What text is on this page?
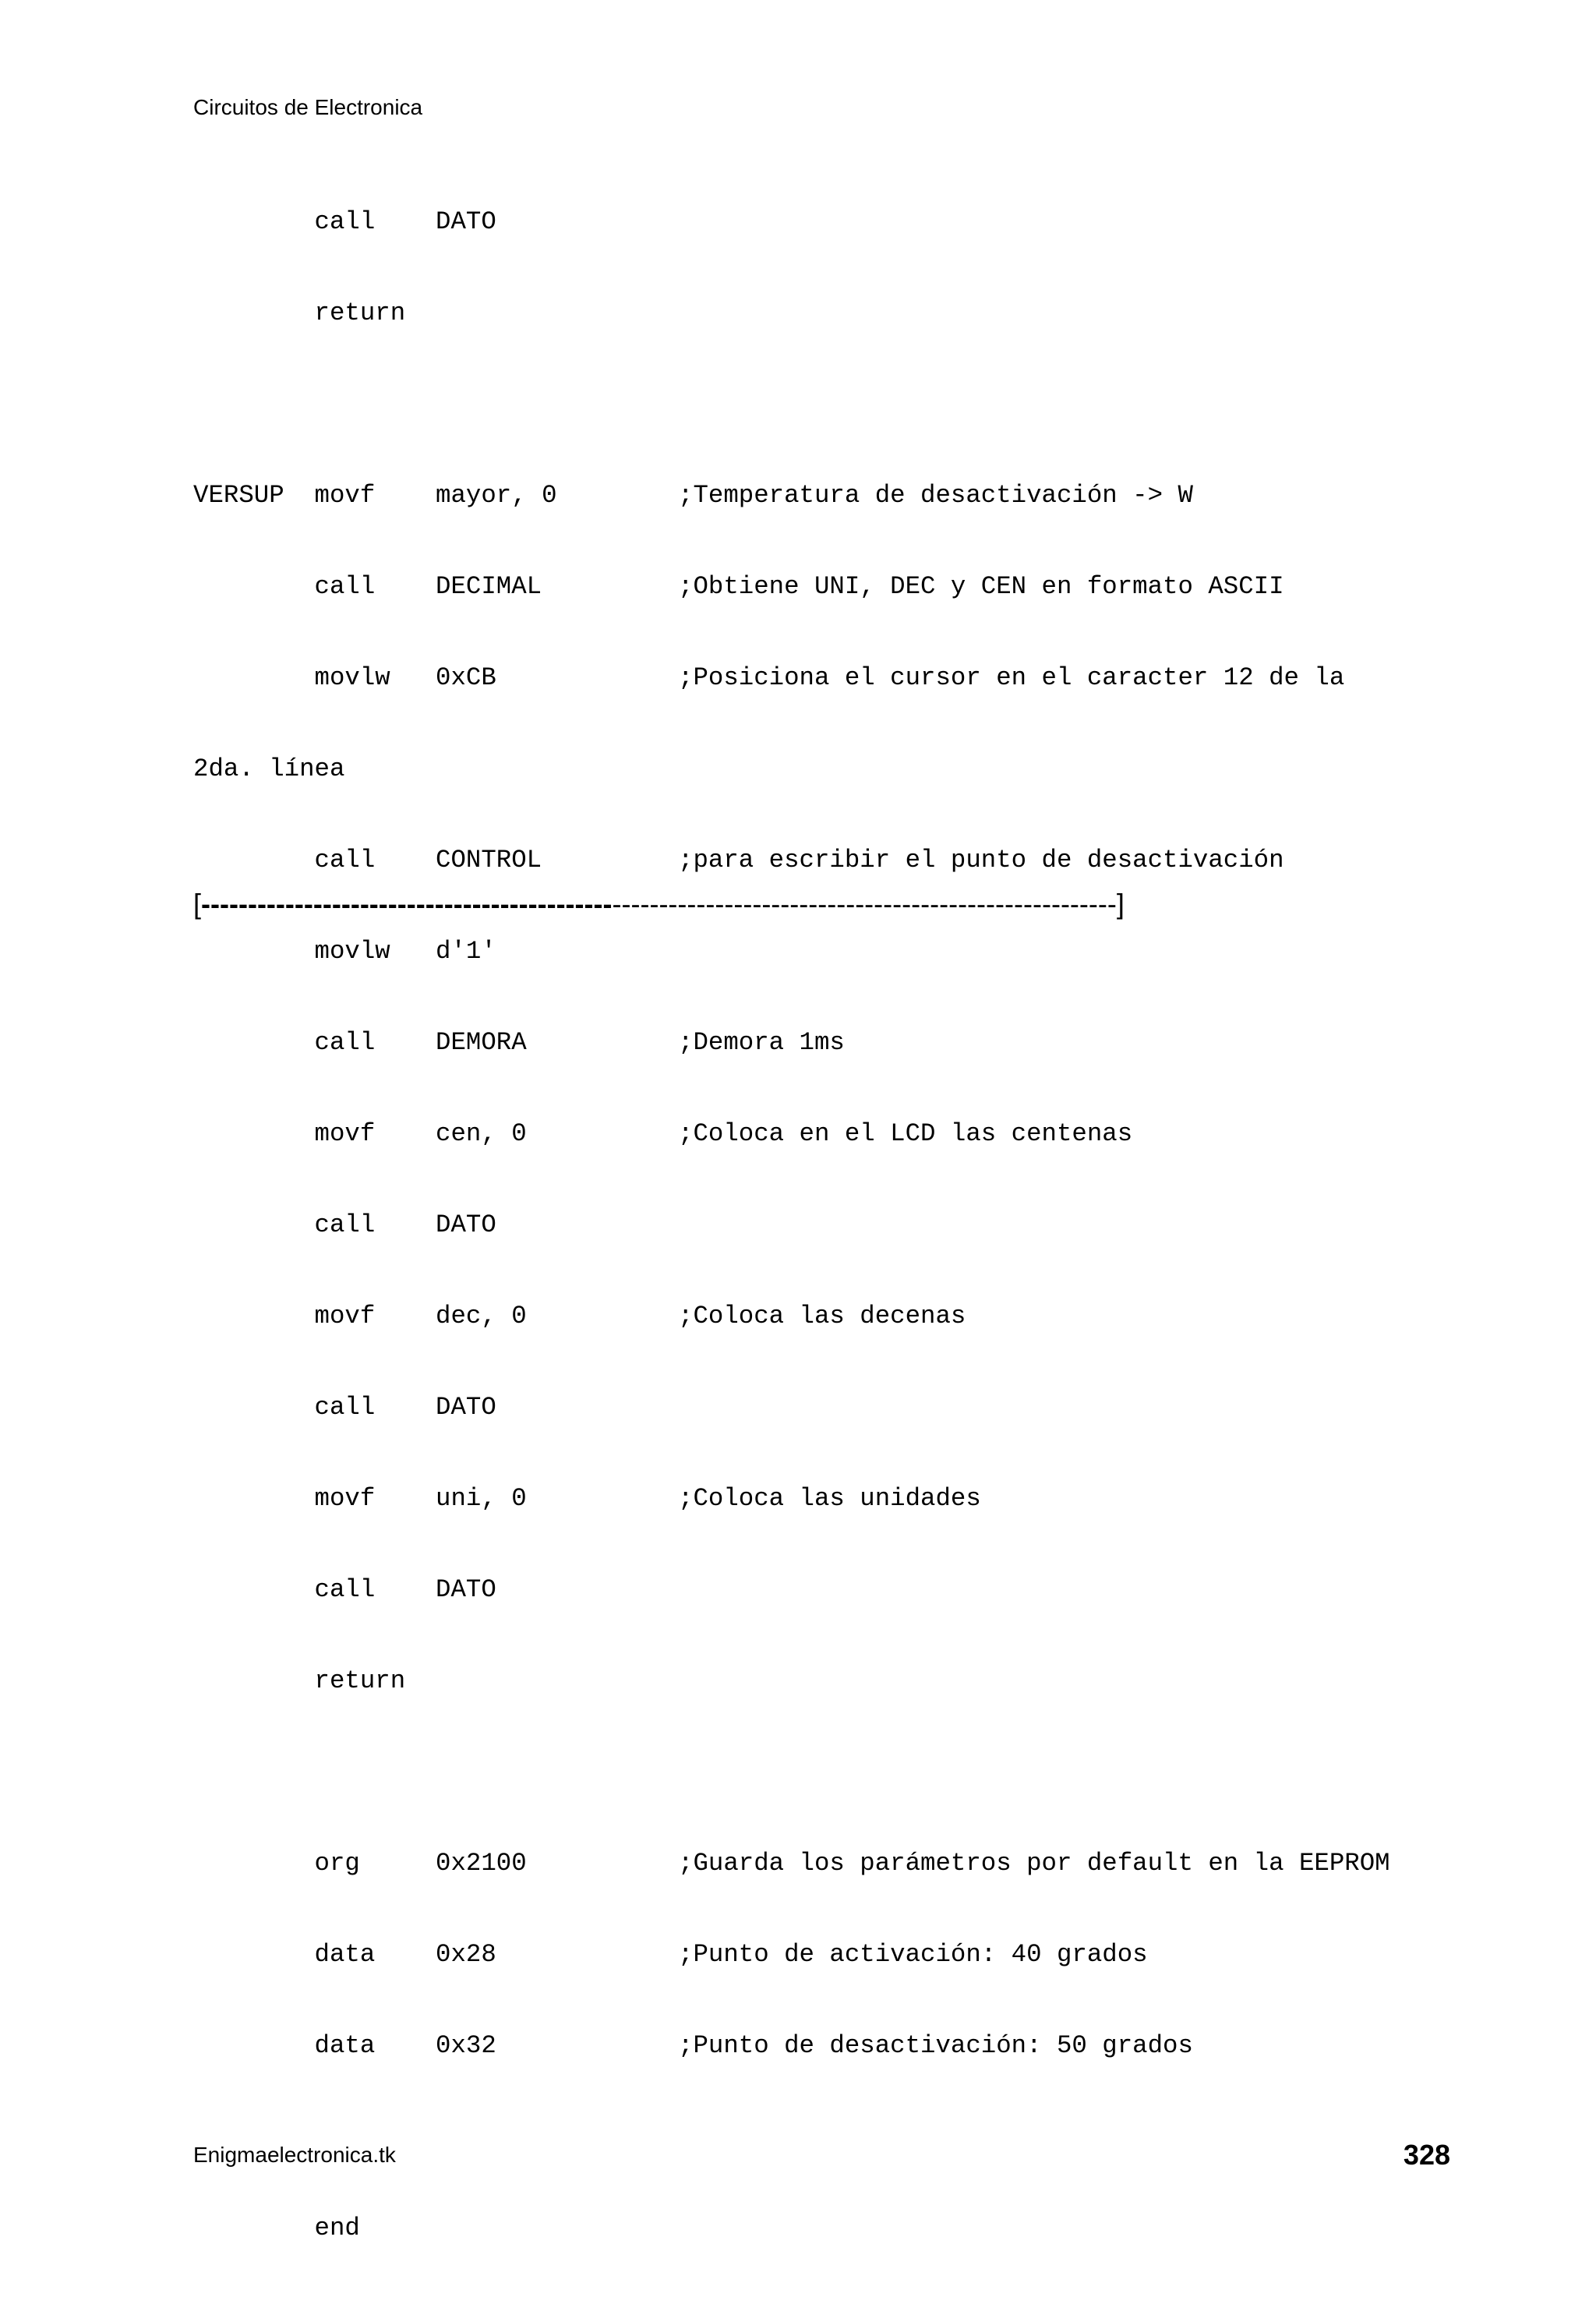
Circuitos de Electronica

call    DATO

return

VERSUP  movf    mayor, 0        ;Temperatura de desactivación -> W

call    DECIMAL         ;Obtiene UNI, DEC y CEN en formato ASCII

movlw   0xCB            ;Posiciona el cursor en el caracter 12 de la

2da. línea

call    CONTROL         ;para escribir el punto de desactivación

movlw   d'1'

call    DEMORA          ;Demora 1ms

movf    cen, 0          ;Coloca en el LCD las centenas

call    DATO

movf    dec, 0          ;Coloca las decenas

call    DATO

movf    uni, 0          ;Coloca las unidades

call    DATO

return

org     0x2100          ;Guarda los parámetros por default en la EEPROM

data    0x28            ;Punto de activación: 40 grados

data    0x32            ;Punto de desactivación: 50 grados

end

[--------------------------------------------------------------------------------------------------]
Enigmaelectronica.tk	328
